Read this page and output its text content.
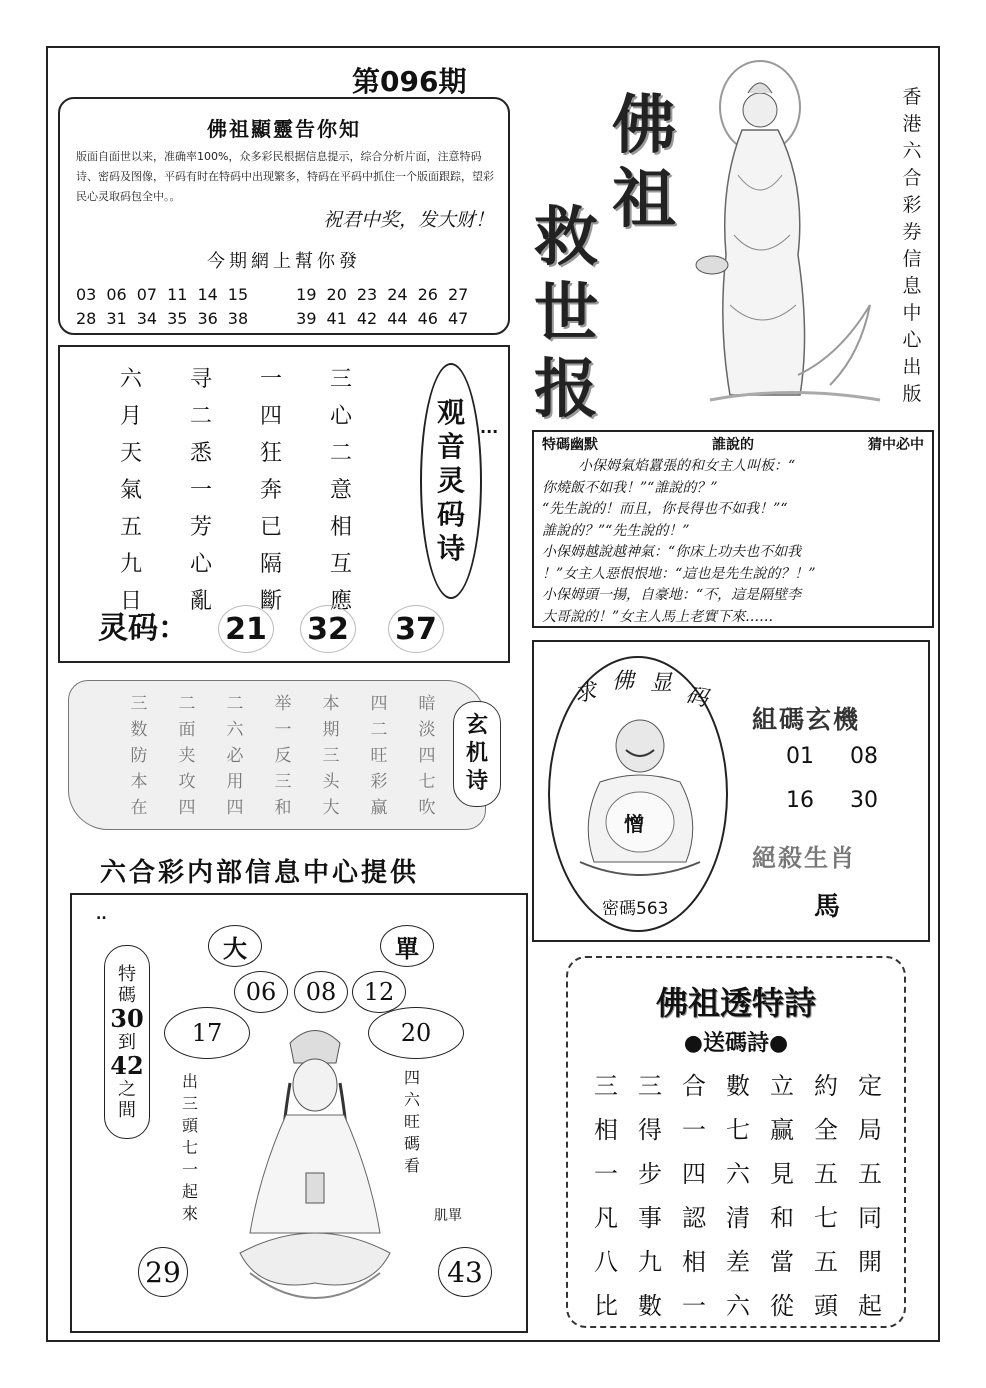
第096期
佛祖顯靈告你知
版面自面世以来，准确率100%，众多彩民根据信息提示，综合分析片面，注意特码诗、密码及图像，平码有时在特码中出现繁多，特码在平码中抓住一个版面跟踪，望彩民心灵取码包全中。。
祝君中奖，发大财！
今期網上幫你發
03 06 07 11 14 15	19 20 23 24 26 27
28 31 34 35 36 38	39 41 42 44 46 47
佛
祖
救
世
报
香港六合彩券信息中心出版
六	寻	一	三
月	二	四	心
天	悉	狂	二
氣	一	奔	意
五	芳	已	相
九	心	隔	互
日	亂	斷	應
观
音
灵
码
诗
灵码： 21 32 37
...
特碼幽默	誰說的	猜中必中
小保姆氣焰囂張的和女主人叫板：“
你燒飯不如我！”“誰說的？”
“先生說的！而且，你長得也不如我！”“
誰說的？”“先生說的！”
小保姆越說越神氣：“你床上功夫也不如我
！”女主人惡恨恨地：“這也是先生說的？！”
小保姆頭一揚，自豪地：“不，這是隔壁李
大哥說的！”女主人馬上老實下來……
三	二	二	举	本	四	暗
数	面	六	一	期	二	淡
防	夹	必	反	三	旺	四
本	攻	用	三	头	彩	七
在	四	四	和	大	赢	吹
玄
机
诗
六合彩内部信息中心提供
..
大	單
06	08	12
17	20
特
碼
30
到
42
之
間
出
三
頭
七
一
起
來
四
六
旺
碼
看
肌單
29	43
求 佛 显 码
憎
密碼563
組碼玄機
01 08
16 30
絕殺生肖
馬
佛祖透特詩
●送碼詩●
三 三 合 數 立 約 定
相 得 一 七 赢 全 局
一 步 四 六 見 五 五
凡 事 認 清 和 七 同
八 九 相 差 當 五 開
比 數 一 六 從 頭 起
